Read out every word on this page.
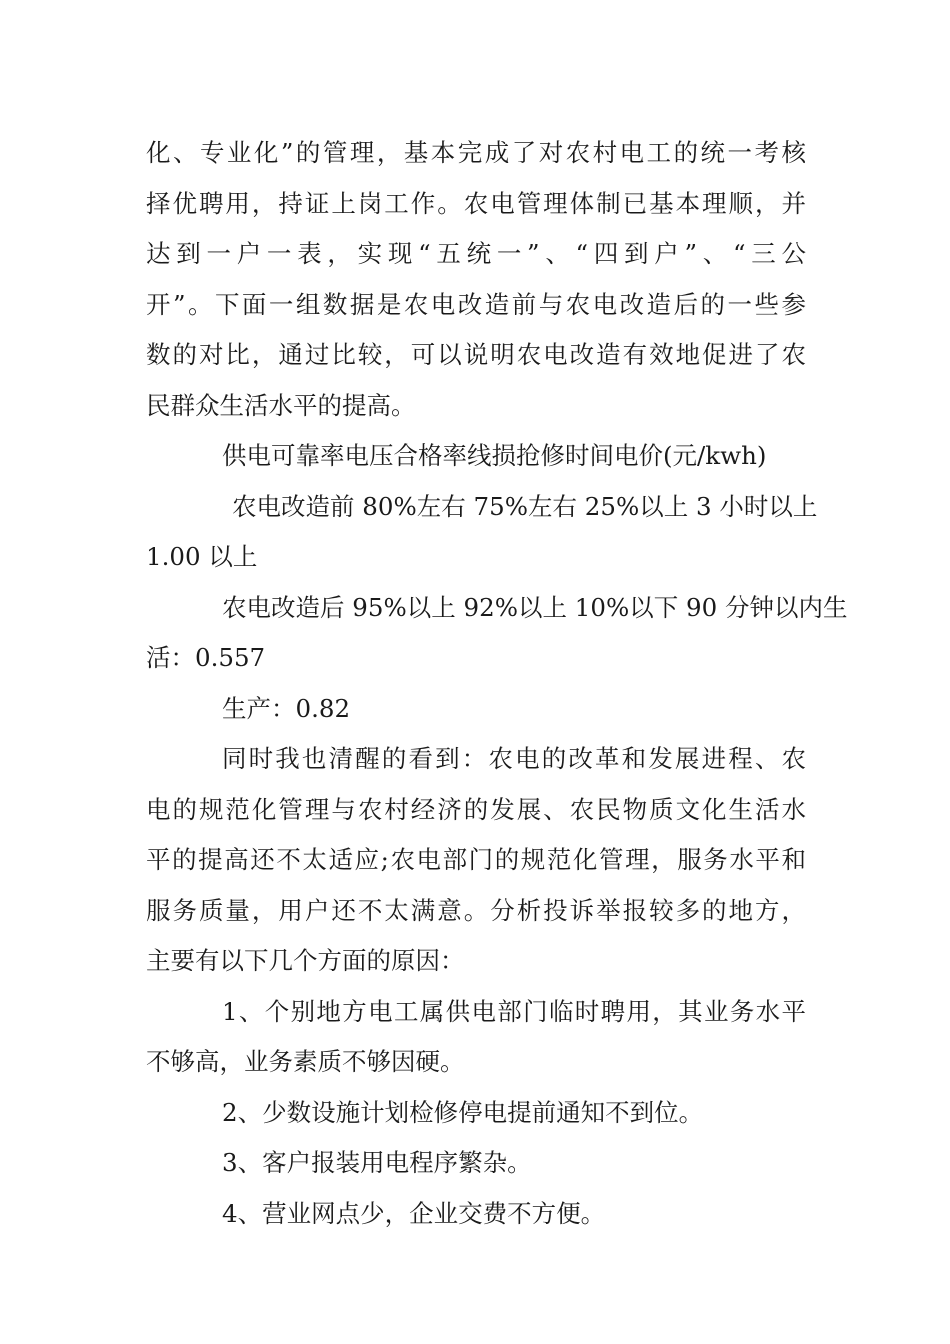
化、专业化”的管理，基本完成了对农村电工的统一考核
择优聘用，持证上岗工作。农电管理体制已基本理顺，并
达到一户一表，实现“五统一”、“四到户”、“三公
开”。下面一组数据是农电改造前与农电改造后的一些参
数的对比，通过比较，可以说明农电改造有效地促进了农
民群众生活水平的提高。
供电可靠率电压合格率线损抢修时间电价(元/kwh)
农电改造前 80%左右 75%左右 25%以上 3 小时以上
1.00 以上
农电改造后 95%以上 92%以上 10%以下 90 分钟以内生
活：0.557
生产：0.82
同时我也清醒的看到：农电的改革和发展进程、农
电的规范化管理与农村经济的发展、农民物质文化生活水
平的提高还不太适应;农电部门的规范化管理，服务水平和
服务质量，用户还不太满意。分析投诉举报较多的地方，
主要有以下几个方面的原因：
1、个别地方电工属供电部门临时聘用，其业务水平
不够高，业务素质不够因硬。
2、少数设施计划检修停电提前通知不到位。
3、客户报装用电程序繁杂。
4、营业网点少，企业交费不方便。
